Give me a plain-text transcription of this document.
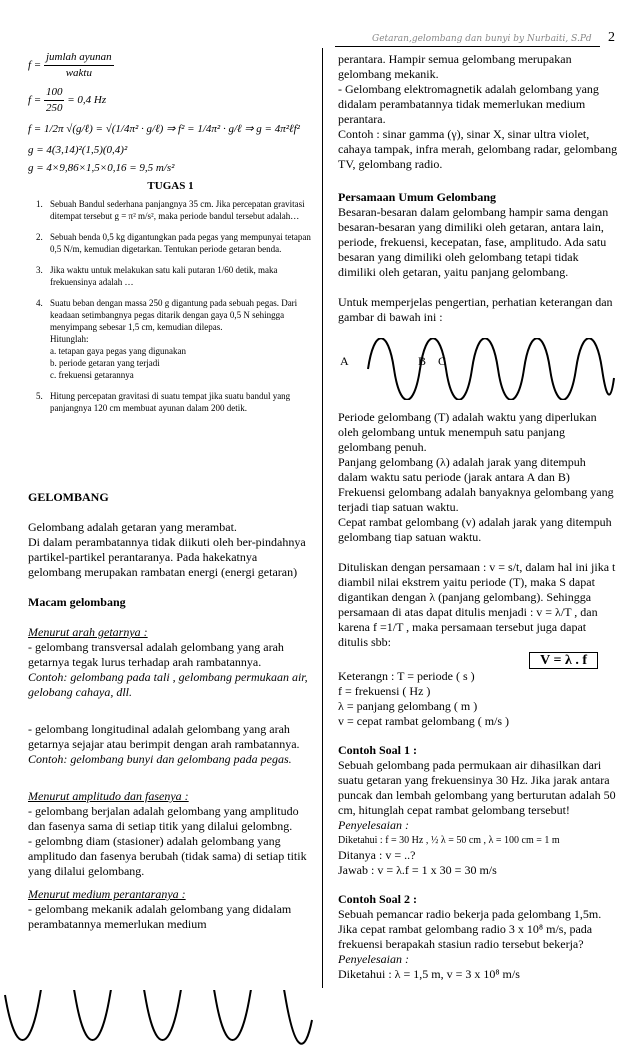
Getaran,gelombang dan bunyi by Nurbaiti, S.Pd 2
$f = \frac{\text{jumlah ayunan}}{\text{waktu}}$
$f = \frac{100}{250} = 0,4$ Hz
f = 1/2π √(g/ℓ) = √(1/4π² · g/ℓ) ⇒ f² = 1/4π² · g/ℓ ⇒ g = 4π²ℓf²
g = 4(3,14)²(1,5)(0,4)²
g = 4×9,86×1,5×0,16 = 9,5 m/s²
TUGAS 1
1. Sebuah Bandul sederhana panjangnya 35 cm. Jika percepatan gravitasi ditempat tersebut g = π² m/s², maka periode bandul tersebut adalah…
2. Sebuah benda 0,5 kg digantungkan pada pegas yang mempunyai tetapan 0,5 N/m, kemudian digetarkan. Tentukan periode getaran benda.
3. Jika waktu untuk melakukan satu kali putaran 1/60 detik, maka frekuensinya adalah …
4. Suatu beban dengan massa 250 g digantung pada sebuah pegas. Dari keadaan setimbangnya pegas ditarik dengan gaya 0,5 N sehingga menyimpang sebesar 1,5 cm, kemudian dilepas.
Hitunglah:
a. tetapan gaya pegas yang digunakan
b. periode getaran yang terjadi
c. frekuensi getarannya
5. Hitung percepatan gravitasi di suatu tempat jika suatu bandul yang panjangnya 120 cm membuat ayunan dalam 200 detik.
GELOMBANG

Gelombang adalah getaran yang merambat.

Di dalam perambatannya tidak diikuti oleh ber-pindahnya partikel-partikel perantaranya. Pada hakekatnya gelombang merupakan rambatan energi (energi getaran)

Macam gelombang

Menurut arah getarnya :

- gelombang transversal adalah gelombang yang arah getarnya tegak lurus terhadap arah rambatannya.

Contoh: gelombang pada tali , gelombang permukaan air, gelobang cahaya, dll.

- gelombang longitudinal adalah gelombang yang arah getarnya sejajar atau berimpit dengan arah rambatannya.

Contoh: gelombang bunyi dan gelombang pada pegas.

Menurut amplitudo dan fasenya :

- gelombang berjalan adalah gelombang yang amplitudo dan fasenya sama di setiap titik yang dilalui gelombng.

- gelombng diam (stasioner) adalah gelombang yang amplitudo dan fasenya berubah (tidak sama) di setiap titik yang dilalui gelombang.

Menurut medium perantaranya :

- gelombang mekanik adalah gelombang yang didalam perambatannya memerlukan medium

perantara. Hampir semua gelombang merupakan gelombang mekanik.

- Gelombang elektromagnetik adalah gelombang yang didalam perambatannya tidak memerlukan medium perantara.

Contoh : sinar gamma (γ), sinar X, sinar ultra violet, cahaya tampak, infra merah, gelombang radar, gelombang TV, gelombang radio.

Persamaan Umum Gelombang

Besaran-besaran dalam gelombang hampir sama dengan besaran-besaran yang dimiliki oleh getaran, antara lain, periode, frekuensi, kecepatan, fase, amplitudo. Ada satu besaran yang dimiliki oleh gelombang tetapi tidak dimiliki oleh getaran, yaitu panjang gelombang.

Untuk memperjelas pengertian, perhatian keterangan dan gambar di bawah ini :

A	B C

Periode gelombang (T) adalah waktu yang diperlukan oleh gelombang untuk menempuh satu panjang gelombang penuh.

Panjang gelombang (λ) adalah jarak yang ditempuh dalam waktu satu periode (jarak antara A dan B)

Frekuensi gelombang adalah banyaknya gelombang yang terjadi tiap satuan waktu.

Cepat rambat gelombang (v) adalah jarak yang ditempuh gelombang tiap satuan waktu.

Dituliskan dengan persamaan : v = s/t, dalam hal ini jika t diambil nilai ekstrem yaitu periode (T), maka S dapat digantikan dengan λ (panjang gelombang). Sehingga persamaan di atas dapat ditulis menjadi : v = λ/T , dan karena f =1/T , maka persamaan tersebut juga dapat ditulis sbb:

V = λ . f

Keterangn : T = periode ( s )

f = frekuensi ( Hz )

λ = panjang gelombang ( m )

v = cepat rambat gelombang ( m/s )

Contoh Soal 1 :

Sebuah gelombang pada permukaan air dihasilkan dari suatu getaran yang frekuensinya 30 Hz. Jika jarak antara puncak dan lembah gelombang yang berturutan adalah 50 cm, hitunglah cepat rambat gelombang tersebut!

Penyelesaian :

Diketahui : f = 30 Hz , ½ λ = 50 cm , λ = 100 cm = 1 m

Ditanya : v = ..?

Jawab : v = λ.f = 1 x 30 = 30 m/s

Contoh Soal 2 :

Sebuah pemancar radio bekerja pada gelombang 1,5m. Jika cepat rambat gelombang radio 3 x 10⁸ m/s, pada frekuensi berapakah stasiun radio tersebut bekerja?

Penyelesaian :

Diketahui : λ = 1,5 m, v = 3 x 10⁸ m/s
